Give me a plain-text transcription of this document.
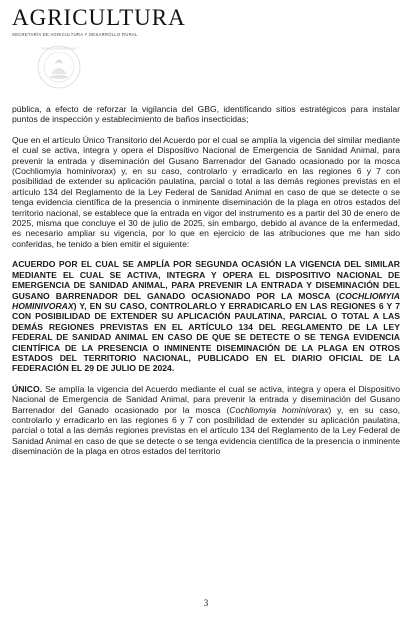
AGRICULTURA
SECRETARÍA DE AGRICULTURA Y DESARROLLO RURAL
ESTADOS UNIDOS MEXICANOS

pública, a efecto de reforzar la vigilancia del GBG, identificando sitios estratégicos para instalar puntos de inspección y establecimiento de baños insecticidas;

Que en el artículo Único Transitorio del Acuerdo por el cual se amplía la vigencia del similar mediante el cual se activa, integra y opera el Dispositivo Nacional de Emergencia de Sanidad Animal, para prevenir la entrada y diseminación del Gusano Barrenador del Ganado ocasionado por la mosca (Cochliomyia hominivorax) y, en su caso, controlarlo y erradicarlo en las regiones 6 y 7 con posibilidad de extender su aplicación paulatina, parcial o total a las demás regiones previstas en el artículo 134 del Reglamento de la Ley Federal de Sanidad Animal en caso de que se detecte o se tenga evidencia científica de la presencia o inminente diseminación de la plaga en otros estados del territorio nacional, se establece que la entrada en vigor del instrumento es a partir del 30 de enero de 2025, misma que concluye el 30 de julio de 2025, sin embargo, debido al avance de la enfermedad, es necesario ampliar su vigencia, por lo que en ejercicio de las atribuciones que me han sido conferidas, he tenido a bien emitir el siguiente:

ACUERDO POR EL CUAL SE AMPLÍA POR SEGUNDA OCASIÓN LA VIGENCIA DEL SIMILAR MEDIANTE EL CUAL SE ACTIVA, INTEGRA Y OPERA EL DISPOSITIVO NACIONAL DE EMERGENCIA DE SANIDAD ANIMAL, PARA PREVENIR LA ENTRADA Y DISEMINACIÓN DEL GUSANO BARRENADOR DEL GANADO OCASIONADO POR LA MOSCA (COCHLIOMYIA HOMINIVORAX) Y, EN SU CASO, CONTROLARLO Y ERRADICARLO EN LAS REGIONES 6 Y 7 CON POSIBILIDAD DE EXTENDER SU APLICACIÓN PAULATINA, PARCIAL O TOTAL A LAS DEMÁS REGIONES PREVISTAS EN EL ARTÍCULO 134 DEL REGLAMENTO DE LA LEY FEDERAL DE SANIDAD ANIMAL EN CASO DE QUE SE DETECTE O SE TENGA EVIDENCIA CIENTÍFICA DE LA PRESENCIA O INMINENTE DISEMINACIÓN DE LA PLAGA EN OTROS ESTADOS DEL TERRITORIO NACIONAL, PUBLICADO EN EL DIARIO OFICIAL DE LA FEDERACIÓN EL 29 DE JULIO DE 2024.

ÚNICO. Se amplía la vigencia del Acuerdo mediante el cual se activa, integra y opera el Dispositivo Nacional de Emergencia de Sanidad Animal, para prevenir la entrada y diseminación del Gusano Barrenador del Ganado ocasionado por la mosca (Cochliomyia hominivorax) y, en su caso, controlarlo y erradicarlo en las regiones 6 y 7 con posibilidad de extender su aplicación paulatina, parcial o total a las demás regiones previstas en el artículo 134 del Reglamento de la Ley Federal de Sanidad Animal en caso de que se detecte o se tenga evidencia científica de la presencia o inminente diseminación de la plaga en otros estados del territorio

3
